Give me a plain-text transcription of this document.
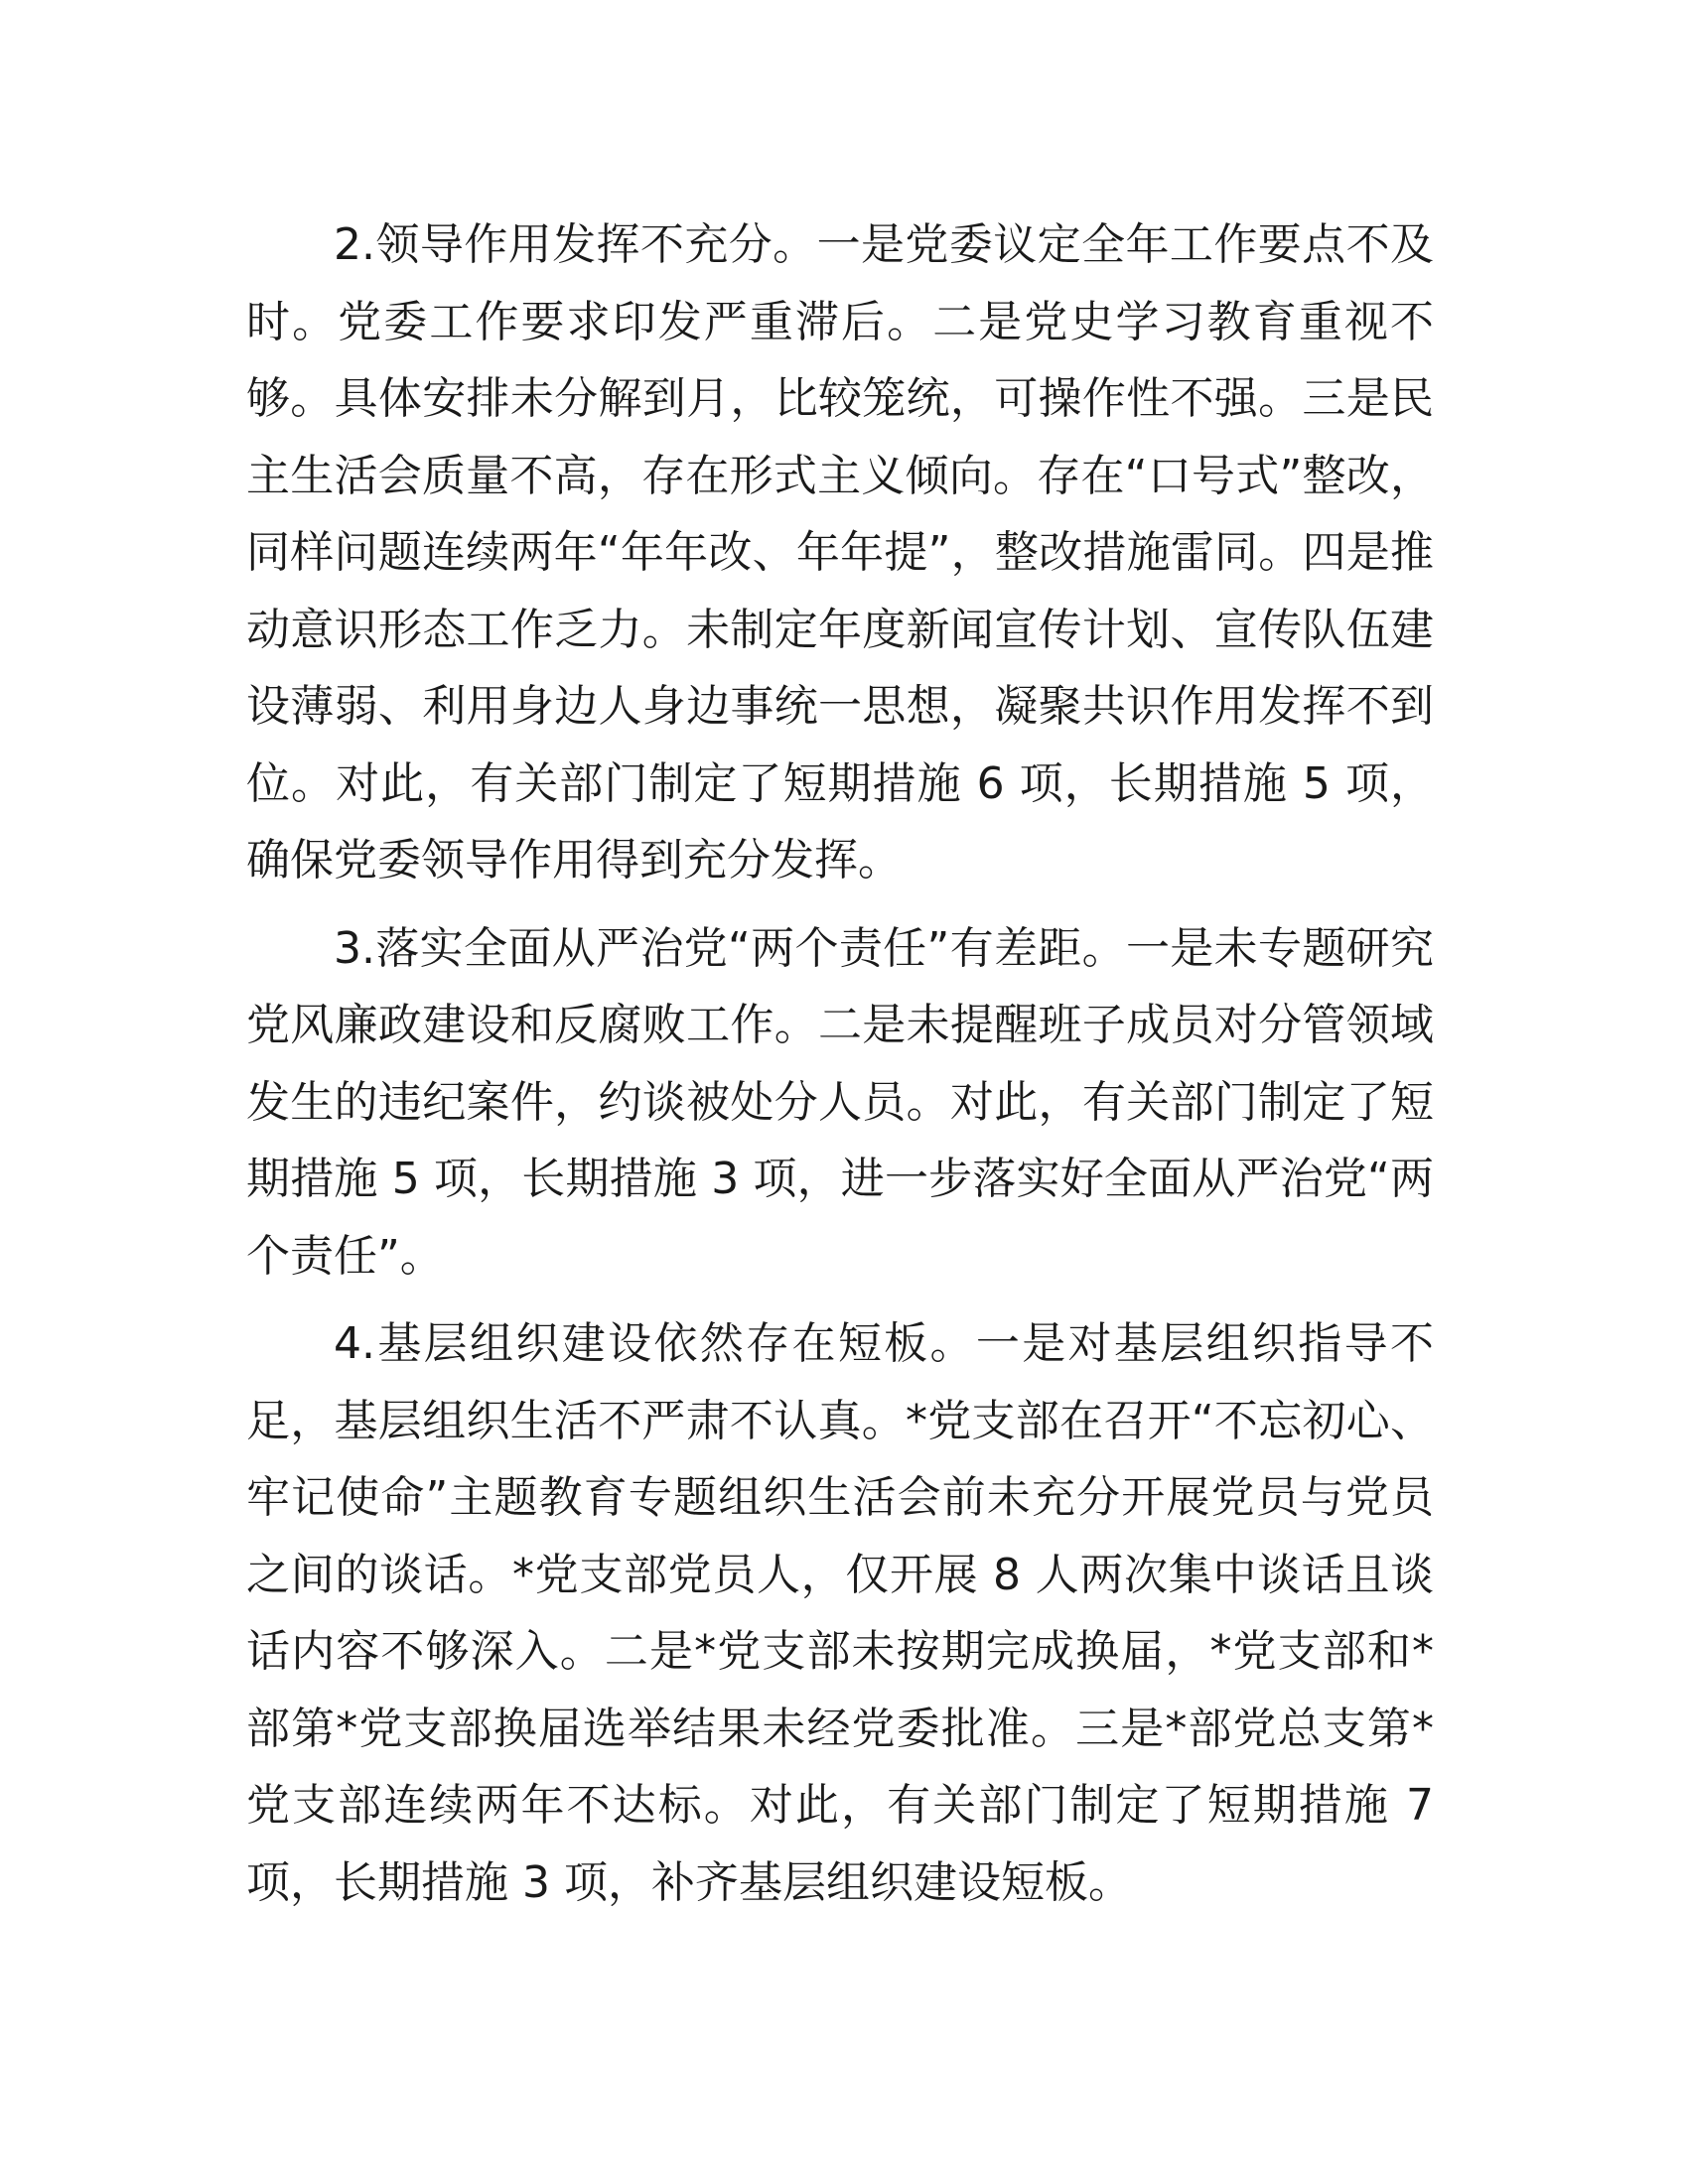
2.领导作用发挥不充分。一是党委议定全年工作要点不及时。党委工作要求印发严重滞后。二是党史学习教育重视不够。具体安排未分解到月，比较笼统，可操作性不强。三是民主生活会质量不高，存在形式主义倾向。存在“口号式”整改，同样问题连续两年“年年改、年年提”，整改措施雷同。四是推动意识形态工作乏力。未制定年度新闻宣传计划、宣传队伍建设薄弱、利用身边人身边事统一思想，凝聚共识作用发挥不到位。对此，有关部门制定了短期措施 6 项，长期措施 5 项，确保党委领导作用得到充分发挥。

3.落实全面从严治党“两个责任”有差距。一是未专题研究党风廉政建设和反腐败工作。二是未提醒班子成员对分管领域发生的违纪案件，约谈被处分人员。对此，有关部门制定了短期措施 5 项，长期措施 3 项，进一步落实好全面从严治党“两个责任”。

4.基层组织建设依然存在短板。一是对基层组织指导不足，基层组织生活不严肃不认真。*党支部在召开“不忘初心、牢记使命”主题教育专题组织生活会前未充分开展党员与党员之间的谈话。*党支部党员人，仅开展 8 人两次集中谈话且谈话内容不够深入。二是*党支部未按期完成换届，*党支部和*部第*党支部换届选举结果未经党委批准。三是*部党总支第*党支部连续两年不达标。对此，有关部门制定了短期措施 7 项，长期措施 3 项，补齐基层组织建设短板。
